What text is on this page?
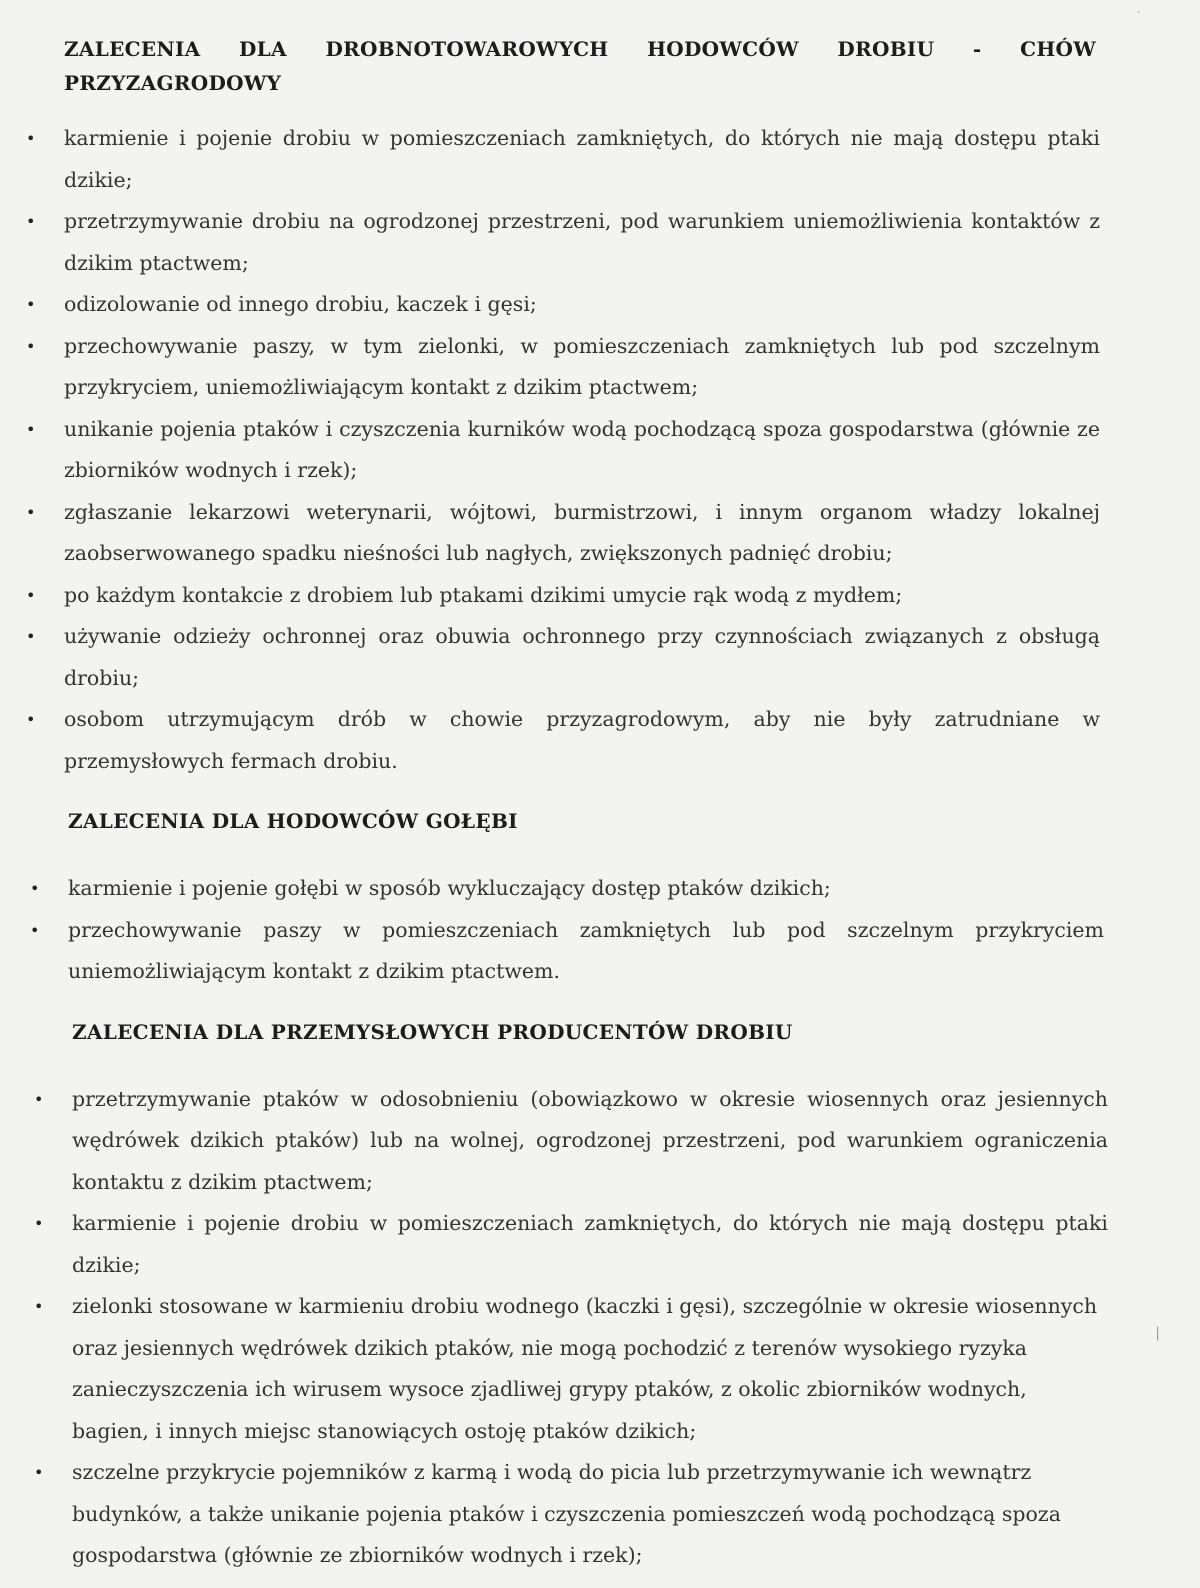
ZALECENIA DLA DROBNOTOWAROWYCH HODOWCÓW DROBIU - CHÓW PRZYZAGRODOWY
• karmienie i pojenie drobiu w pomieszczeniach zamkniętych, do których nie mają dostępu ptaki dzikie;
• przetrzymywanie drobiu na ogrodzonej przestrzeni, pod warunkiem uniemożliwienia kontaktów z dzikim ptactwem;
• odizolowanie od innego drobiu, kaczek i gęsi;
• przechowywanie paszy, w tym zielonki, w pomieszczeniach zamkniętych lub pod szczelnym przykryciem, uniemożliwiającym kontakt z dzikim ptactwem;
• unikanie pojenia ptaków i czyszczenia kurników wodą pochodzącą spoza gospodarstwa (głównie ze zbiorników wodnych i rzek);
• zgłaszanie lekarzowi weterynarii, wójtowi, burmistrzowi, i innym organom władzy lokalnej zaobserwowanego spadku nieśności lub nagłych, zwiększonych padnięć drobiu;
• po każdym kontakcie z drobiem lub ptakami dzikimi umycie rąk wodą z mydłem;
• używanie odzieży ochronnej oraz obuwia ochronnego przy czynnościach związanych z obsługą drobiu;
• osobom utrzymującym drób w chowie przyzagrodowym, aby nie były zatrudniane w przemysłowych fermach drobiu.
ZALECENIA DLA HODOWCÓW GOŁĘBI
• karmienie i pojenie gołębi w sposób wykluczający dostęp ptaków dzikich;
• przechowywanie paszy w pomieszczeniach zamkniętych lub pod szczelnym przykryciem uniemożliwiającym kontakt z dzikim ptactwem.
ZALECENIA DLA PRZEMYSŁOWYCH PRODUCENTÓW DROBIU
• przetrzymywanie ptaków w odosobnieniu (obowiązkowo w okresie wiosennych oraz jesiennych wędrówek dzikich ptaków) lub na wolnej, ogrodzonej przestrzeni, pod warunkiem ograniczenia kontaktu z dzikim ptactwem;
• karmienie i pojenie drobiu w pomieszczeniach zamkniętych, do których nie mają dostępu ptaki dzikie;
• zielonki stosowane w karmieniu drobiu wodnego (kaczki i gęsi), szczególnie w okresie wiosennych oraz jesiennych wędrówek dzikich ptaków, nie mogą pochodzić z terenów wysokiego ryzyka zanieczyszczenia ich wirusem wysoce zjadliwej grypy ptaków, z okolic zbiorników wodnych, bagien, i innych miejsc stanowiących ostoję ptaków dzikich;
• szczelne przykrycie pojemników z karmą i wodą do picia lub przetrzymywanie ich wewnątrz budynków, a także unikanie pojenia ptaków i czyszczenia pomieszczeń wodą pochodzącą spoza gospodarstwa (głównie ze zbiorników wodnych i rzek);
˙
|
